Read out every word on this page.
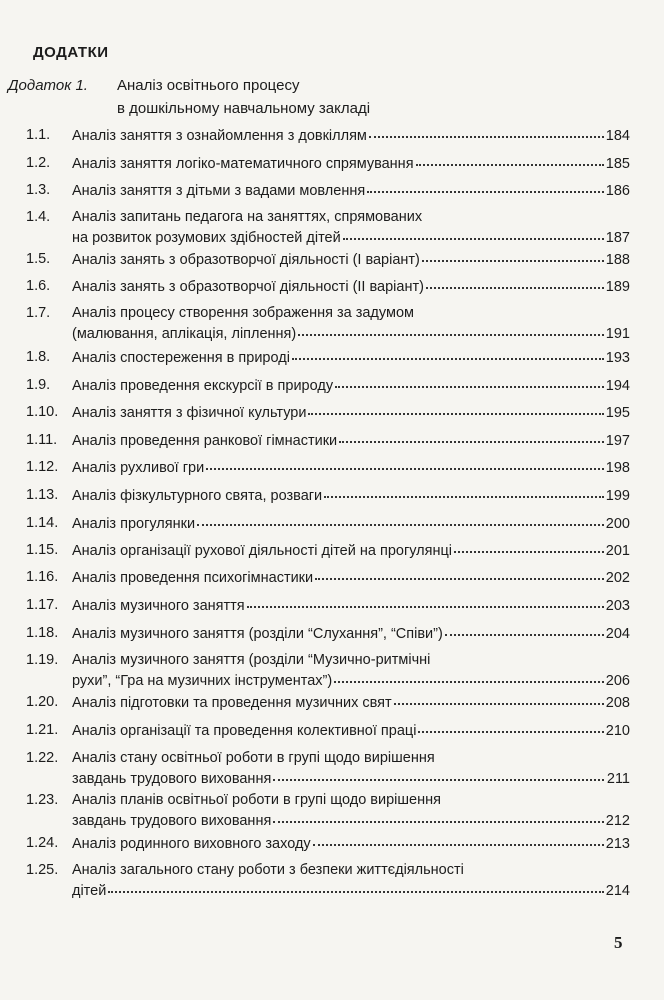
ДОДАТКИ
Додаток 1. Аналіз освітнього процесу
в дошкільному навчальному закладі
1.1. Аналіз заняття з ознайомлення з довкіллям	184
1.2. Аналіз заняття логіко-математичного спрямування	185
1.3. Аналіз заняття з дітьми з вадами мовлення	186
1.4. Аналіз запитань педагога на заняттях, спрямованих
на розвиток розумових здібностей дітей	187
1.5. Аналіз занять з образотворчої діяльності (І варіант)	188
1.6. Аналіз занять з образотворчої діяльності (ІІ варіант)	189
1.7. Аналіз процесу створення зображення за задумом
(малювання, аплікація, ліплення)	191
1.8. Аналіз спостереження в природі	193
1.9. Аналіз проведення екскурсії в природу	194
1.10. Аналіз заняття з фізичної культури	195
1.11. Аналіз проведення ранкової гімнастики	197
1.12. Аналіз рухливої гри	198
1.13. Аналіз фізкультурного свята, розваги	199
1.14. Аналіз прогулянки	200
1.15. Аналіз організації рухової діяльності дітей на прогулянці	201
1.16. Аналіз проведення психогімнастики	202
1.17. Аналіз музичного заняття	203
1.18. Аналіз музичного заняття (розділи “Слухання”, “Співи”)	204
1.19. Аналіз музичного заняття (розділи “Музично-ритмічні
рухи”, “Гра на музичних інструментах”)	206
1.20. Аналіз підготовки та проведення музичних свят	208
1.21. Аналіз організації та проведення колективної праці	210
1.22. Аналіз стану освітньої роботи в групі щодо вирішення
завдань трудового виховання	211
1.23. Аналіз планів освітньої роботи в групі щодо вирішення
завдань трудового виховання	212
1.24. Аналіз родинного виховного заходу	213
1.25. Аналіз загального стану роботи з безпеки життєдіяльності
дітей	214
5
